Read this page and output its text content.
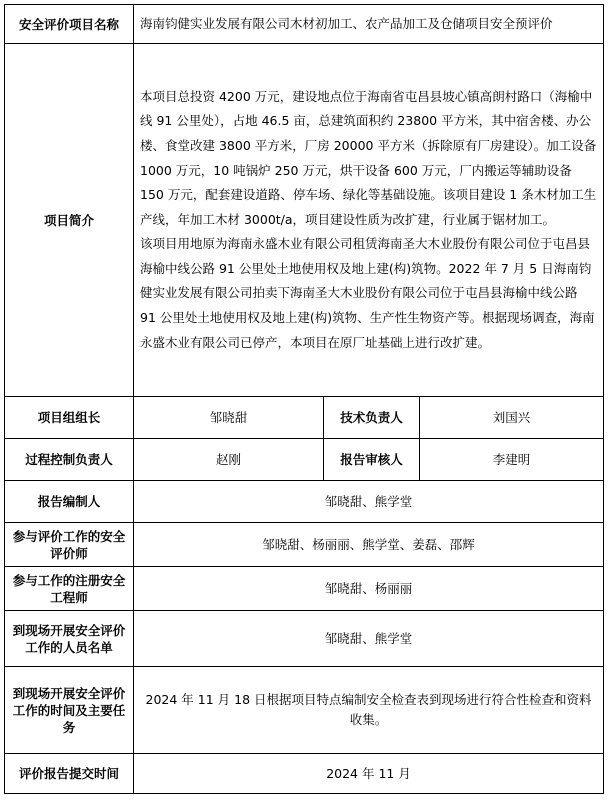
安全评价项目名称	海南钧健实业发展有限公司木材初加工、农产品加工及仓储项目安全预评价		
项目简介	本项目总投资 4200 万元，建设地点位于海南省屯昌县坡心镇高朗村路口（海榆中线 91 公里处），占地 46.5 亩，总建筑面积约 23800 平方米，其中宿舍楼、办公楼、食堂改建 3800 平方米，厂房 20000 平方米（拆除原有厂房建设）。加工设备 1000 万元，10 吨锅炉 250 万元，烘干设备 600 万元，厂内搬运等辅助设备 150 万元，配套建设道路、停车场、绿化等基础设施。该项目建设 1 条木材加工生产线，年加工木材 3000t/a，项目建设性质为改扩建，行业属于锯材加工。

该项目用地原为海南永盛木业有限公司租赁海南圣大木业股份有限公司位于屯昌县海榆中线公路 91 公里处土地使用权及地上建(构)筑物。2022 年 7 月 5 日海南钧健实业发展有限公司拍卖下海南圣大木业股份有限公司位于屯昌县海榆中线公路 91 公里处土地使用权及地上建(构)筑物、生产性生物资产等。根据现场调查，海南永盛木业有限公司已停产，本项目在原厂址基础上进行改扩建。		

项目组组长	邹晓甜	技术负责人	刘国兴
过程控制负责人	赵刚	报告审核人	李建明
报告编制人	邹晓甜、熊学堂		
参与评价工作的安全评价师	邹晓甜、杨丽丽、熊学堂、姜磊、邵辉		
参与工作的注册安全工程师	邹晓甜、杨丽丽		
到现场开展安全评价工作的人员名单	邹晓甜、熊学堂		
到现场开展安全评价工作的时间及主要任务	2024 年 11 月 18 日根据项目特点编制安全检查表到现场进行符合性检查和资料收集。		
评价报告提交时间	2024 年 11 月		
